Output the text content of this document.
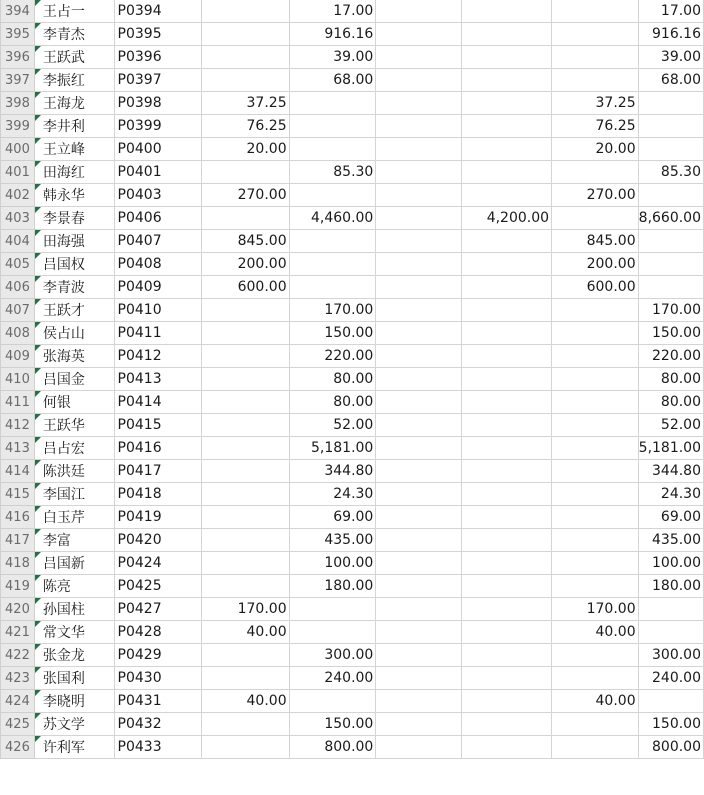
394	王占一	P0394		17.00				17.00
395	李青杰	P0395		916.16				916.16
396	王跃武	P0396		39.00				39.00
397	李振红	P0397		68.00				68.00
398	王海龙	P0398	37.25				37.25	
399	李井利	P0399	76.25				76.25	
400	王立峰	P0400	20.00				20.00	
401	田海红	P0401		85.30				85.30
402	韩永华	P0403	270.00				270.00	
403	李景春	P0406		4,460.00		4,200.00		8,660.00
404	田海强	P0407	845.00				845.00	
405	吕国权	P0408	200.00				200.00	
406	李青波	P0409	600.00				600.00	
407	王跃才	P0410		170.00				170.00
408	侯占山	P0411		150.00				150.00
409	张海英	P0412		220.00				220.00
410	吕国金	P0413		80.00				80.00
411	何银	P0414		80.00				80.00
412	王跃华	P0415		52.00				52.00
413	吕占宏	P0416		5,181.00				5,181.00
414	陈洪廷	P0417		344.80				344.80
415	李国江	P0418		24.30				24.30
416	白玉芹	P0419		69.00				69.00
417	李富	P0420		435.00				435.00
418	吕国新	P0424		100.00				100.00
419	陈亮	P0425		180.00				180.00
420	孙国柱	P0427	170.00				170.00	
421	常文华	P0428	40.00				40.00	
422	张金龙	P0429		300.00				300.00
423	张国利	P0430		240.00				240.00
424	李晓明	P0431	40.00				40.00	
425	苏文学	P0432		150.00				150.00
426	许利军	P0433		800.00				800.00
